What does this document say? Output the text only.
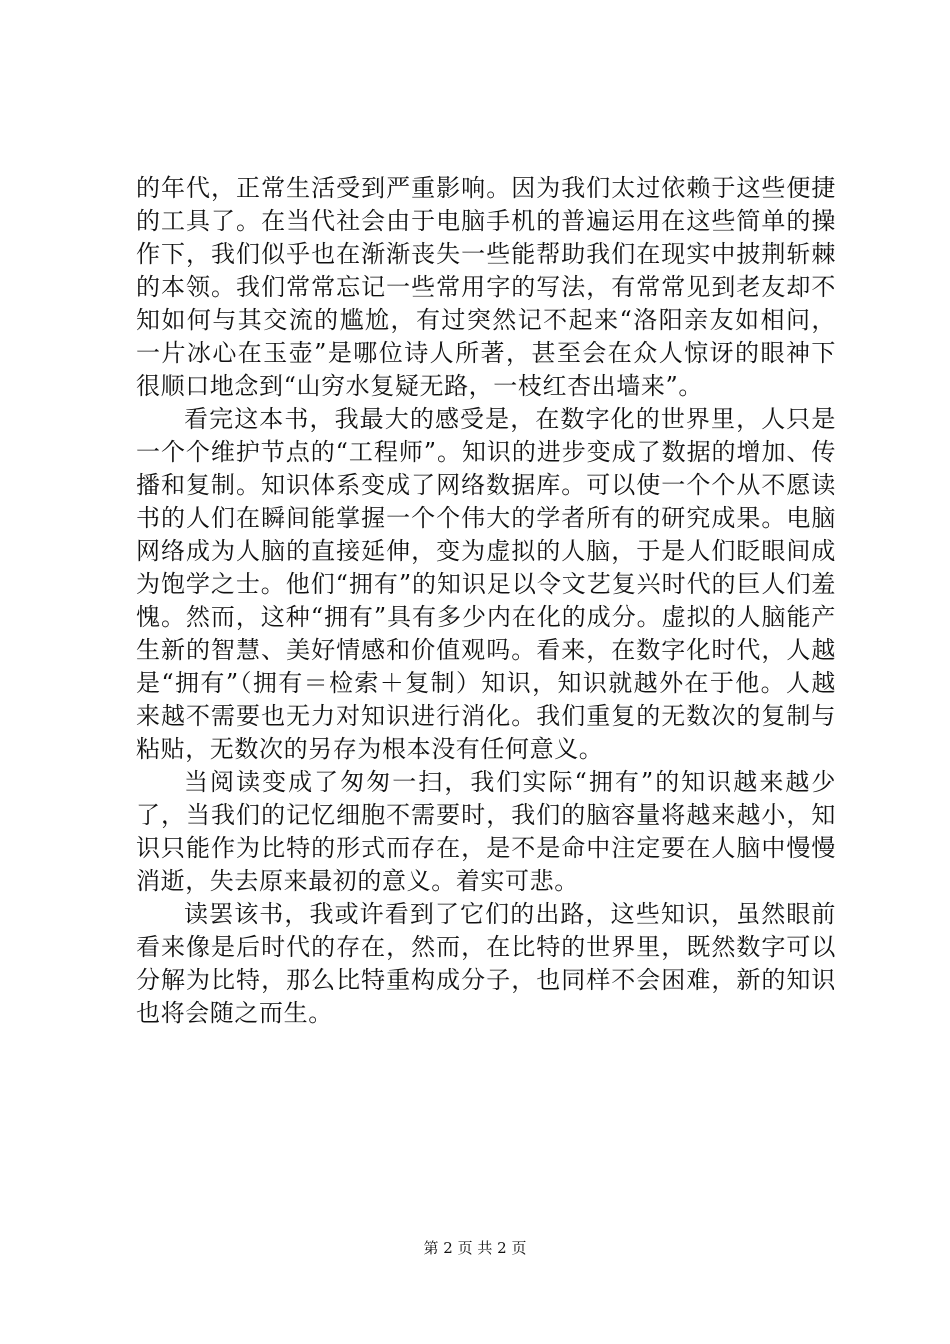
的年代，正常生活受到严重影响。因为我们太过依赖于这些便捷的工具了。在当代社会由于电脑手机的普遍运用在这些简单的操作下，我们似乎也在渐渐丧失一些能帮助我们在现实中披荆斩棘的本领。我们常常忘记一些常用字的写法，有常常见到老友却不知如何与其交流的尴尬，有过突然记不起来“洛阳亲友如相问，一片冰心在玉壶”是哪位诗人所著，甚至会在众人惊讶的眼神下很顺口地念到“山穷水复疑无路，一枝红杏出墙来”。

看完这本书，我最大的感受是，在数字化的世界里，人只是一个个维护节点的“工程师”。知识的进步变成了数据的增加、传播和复制。知识体系变成了网络数据库。可以使一个个从不愿读书的人们在瞬间能掌握一个个伟大的学者所有的研究成果。电脑网络成为人脑的直接延伸，变为虚拟的人脑，于是人们眨眼间成为饱学之士。他们“拥有”的知识足以令文艺复兴时代的巨人们羞愧。然而，这种“拥有”具有多少内在化的成分。虚拟的人脑能产生新的智慧、美好情感和价值观吗。看来，在数字化时代，人越是“拥有”（拥有＝检索＋复制）知识，知识就越外在于他。人越来越不需要也无力对知识进行消化。我们重复的无数次的复制与粘贴，无数次的另存为根本没有任何意义。

当阅读变成了匆匆一扫，我们实际“拥有”的知识越来越少了，当我们的记忆细胞不需要时，我们的脑容量将越来越小，知识只能作为比特的形式而存在，是不是命中注定要在人脑中慢慢消逝，失去原来最初的意义。着实可悲。

读罢该书，我或许看到了它们的出路，这些知识，虽然眼前看来像是后时代的存在，然而，在比特的世界里，既然数字可以分解为比特，那么比特重构成分子，也同样不会困难，新的知识也将会随之而生。

第 2 页 共 2 页
